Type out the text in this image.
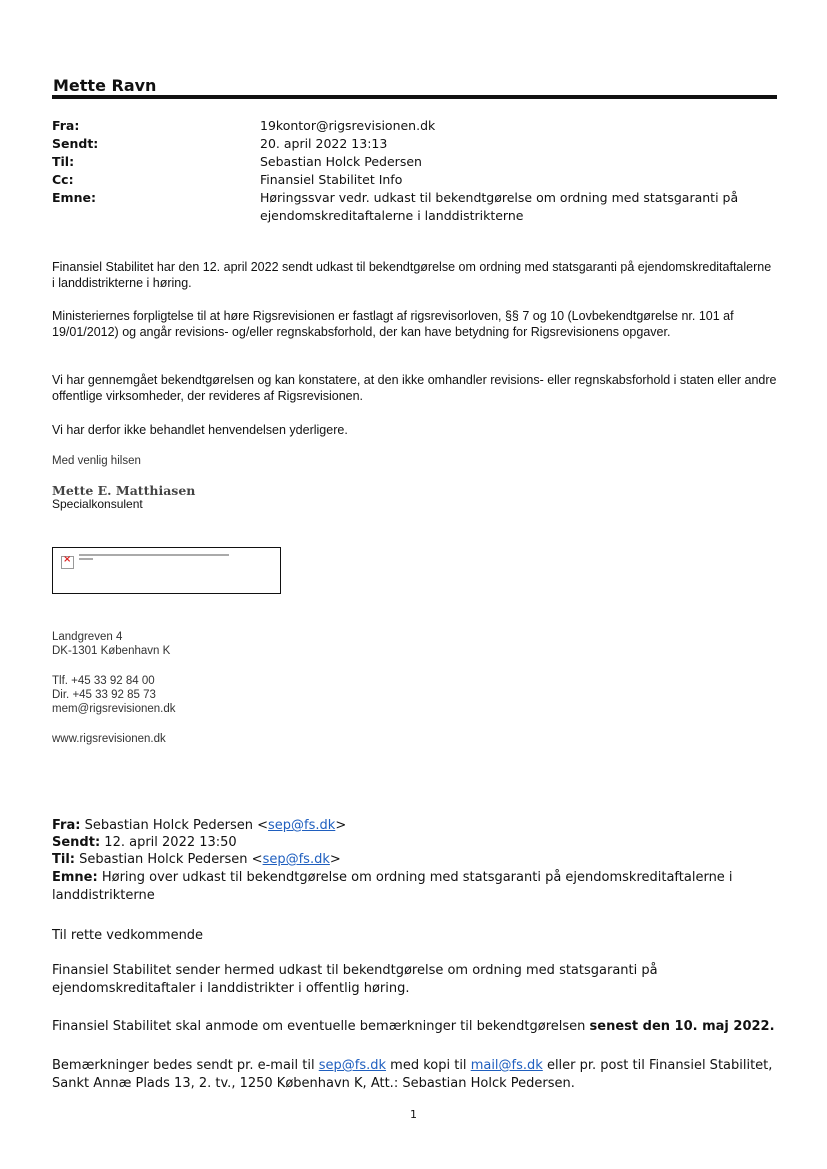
Mette Ravn
Fra:	19kontor@rigsrevisionen.dk
Sendt:	20. april 2022 13:13
Til:	Sebastian Holck Pedersen
Cc:	Finansiel Stabilitet Info
Emne:	Høringssvar vedr. udkast til bekendtgørelse om ordning med statsgaranti på ejendomskreditaftalerne i landdistrikterne
Finansiel Stabilitet har den 12. april 2022 sendt udkast til bekendtgørelse om ordning med statsgaranti på ejendomskreditaftalerne i landdistrikterne i høring.
Ministeriernes forpligtelse til at høre Rigsrevisionen er fastlagt af rigsrevisorloven, §§ 7 og 10 (Lovbekendtgørelse nr. 101 af 19/01/2012) og angår revisions- og/eller regnskabsforhold, der kan have betydning for Rigsrevisionens opgaver.
Vi har gennemgået bekendtgørelsen og kan konstatere, at den ikke omhandler revisions- eller regnskabsforhold i staten eller andre offentlige virksomheder, der revideres af Rigsrevisionen.
Vi har derfor ikke behandlet henvendelsen yderligere.
Med venlig hilsen
Mette E. Matthiasen
Specialkonsulent
×
Landgreven 4
DK-1301 København K
Tlf. +45 33 92 84 00
Dir. +45 33 92 85 73
mem@rigsrevisionen.dk
www.rigsrevisionen.dk
Fra: Sebastian Holck Pedersen <sep@fs.dk>
Sendt: 12. april 2022 13:50
Til: Sebastian Holck Pedersen <sep@fs.dk>
Emne: Høring over udkast til bekendtgørelse om ordning med statsgaranti på ejendomskreditaftalerne i landdistrikterne
Til rette vedkommende
Finansiel Stabilitet sender hermed udkast til bekendtgørelse om ordning med statsgaranti på ejendomskreditaftaler i landdistrikter i offentlig høring.
Finansiel Stabilitet skal anmode om eventuelle bemærkninger til bekendtgørelsen senest den 10. maj 2022.
Bemærkninger bedes sendt pr. e-mail til sep@fs.dk med kopi til mail@fs.dk eller pr. post til Finansiel Stabilitet, Sankt Annæ Plads 13, 2. tv., 1250 København K, Att.: Sebastian Holck Pedersen.
1
